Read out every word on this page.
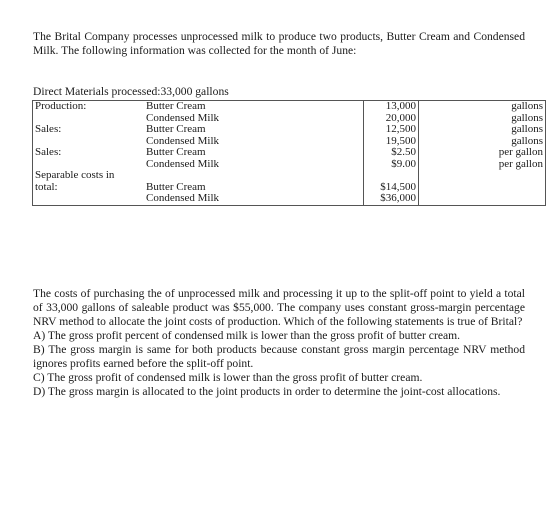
The Brital Company processes unprocessed milk to produce two products, Butter Cream and Condensed Milk. The following information was collected for the month of June:
Direct Materials processed:33,000 gallons
Production:	Butter Cream	13,000	gallons
	Condensed Milk	20,000	gallons
Sales:	Butter Cream	12,500	gallons
	Condensed Milk	19,500	gallons
Sales:	Butter Cream	$2.50	per gallon
	Condensed Milk	$9.00	per gallon
Separable costs in			
total:	Butter Cream	$14,500	
	Condensed Milk	$36,000	
The costs of purchasing the of unprocessed milk and processing it up to the split-off point to yield a total of 33,000 gallons of saleable product was $55,000. The company uses constant gross-margin percentage NRV method to allocate the joint costs of production. Which of the following statements is true of Brital?
A) The gross profit percent of condensed milk is lower than the gross profit of butter cream.
B) The gross margin is same for both products because constant gross margin percentage NRV method ignores profits earned before the split-off point.
C) The gross profit of condensed milk is lower than the gross profit of butter cream.
D) The gross margin is allocated to the joint products in order to determine the joint-cost allocations.
